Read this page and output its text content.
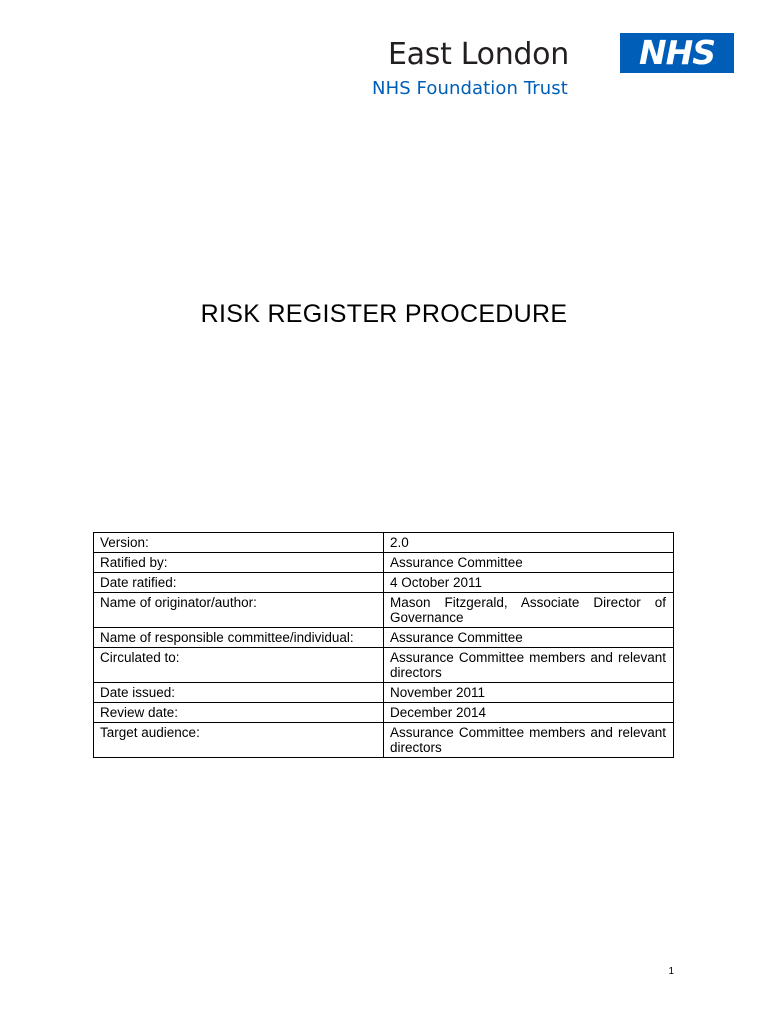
East London
NHS Foundation Trust
NHS
RISK REGISTER PROCEDURE
Version:	2.0
Ratified by:	Assurance Committee
Date ratified:	4 October 2011
Name of originator/author:	Mason Fitzgerald, Associate Director of Governance
Name of responsible committee/individual:	Assurance Committee
Circulated to:	Assurance Committee members and relevant directors
Date issued:	November 2011
Review date:	December 2014
Target audience:	Assurance Committee members and relevant directors
1
